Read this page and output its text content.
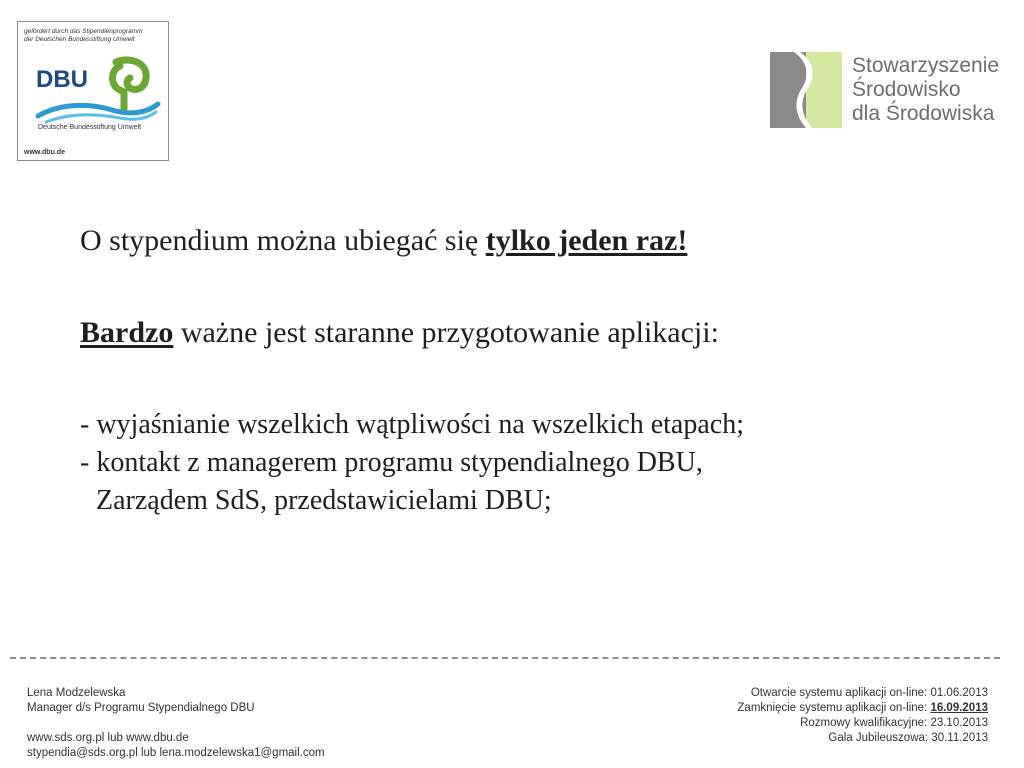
gefördert durch das Stipendienprogramm
der Deutschen Bundesstiftung Umwelt
DBU
Deutsche Bundesstiftung Umwelt
www.dbu.de
Stowarzyszenie
Środowisko
dla Środowiska
O stypendium można ubiegać się tylko jeden raz!
Bardzo ważne jest staranne przygotowanie aplikacji:
- wyjaśnianie wszelkich wątpliwości na wszelkich etapach;
- kontakt z managerem programu stypendialnego DBU,
Zarządem SdS, przedstawicielami DBU;
Lena Modzelewska
Manager d/s Programu Stypendialnego DBU
www.sds.org.pl lub www.dbu.de
stypendia@sds.org.pl lub lena.modzelewska1@gmail.com
Otwarcie systemu aplikacji on-line: 01.06.2013
Zamknięcie systemu aplikacji on-line: 16.09.2013
Rozmowy kwalifikacyjne: 23.10.2013
Gala Jubileuszowa: 30.11.2013
